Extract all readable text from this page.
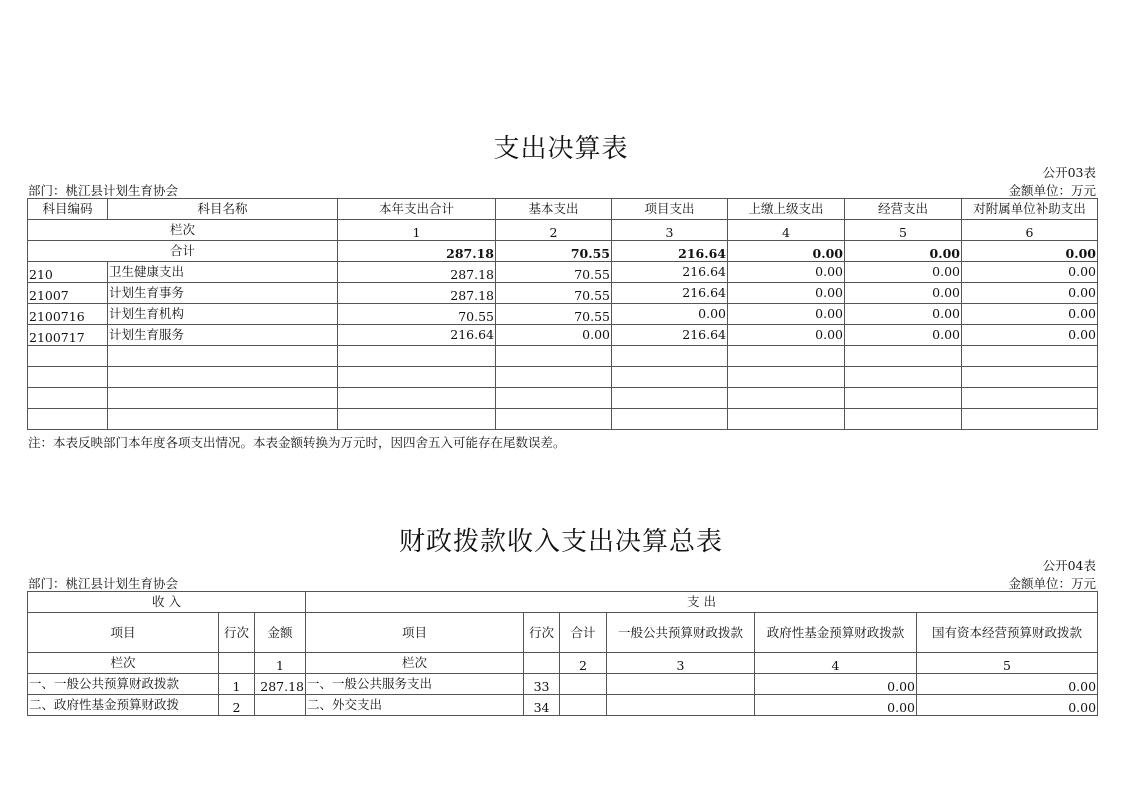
支出决算表
公开03表
部门：桃江县计划生育协会	金额单位：万元
科目编码	科目名称	本年支出合计	基本支出	项目支出	上缴上级支出	经营支出	对附属单位补助支出
栏次		1	2	3	4	5	6
合计		287.18	70.55	216.64	0.00	0.00	0.00
210	卫生健康支出	287.18	70.55	216.64	0.00	0.00	0.00
21007	计划生育事务	287.18	70.55	216.64	0.00	0.00	0.00
2100716	计划生育机构	70.55	70.55	0.00	0.00	0.00	0.00
2100717	计划生育服务	216.64	0.00	216.64	0.00	0.00	0.00

注：本表反映部门本年度各项支出情况。本表金额转换为万元时，因四舍五入可能存在尾数误差。
财政拨款收入支出决算总表
公开04表
部门：桃江县计划生育协会	金额单位：万元
收 入			支 出					
项目	行次	金额	项目	行次	合计	一般公共预算财政拨款	政府性基金预算财政拨款	国有资本经营预算财政拨款
栏次		1	栏次		2	3	4	5
一、一般公共预算财政拨款	1	287.18	一、一般公共服务支出	33			0.00	0.00
二、政府性基金预算财政拨	2		二、外交支出	34			0.00	0.00
